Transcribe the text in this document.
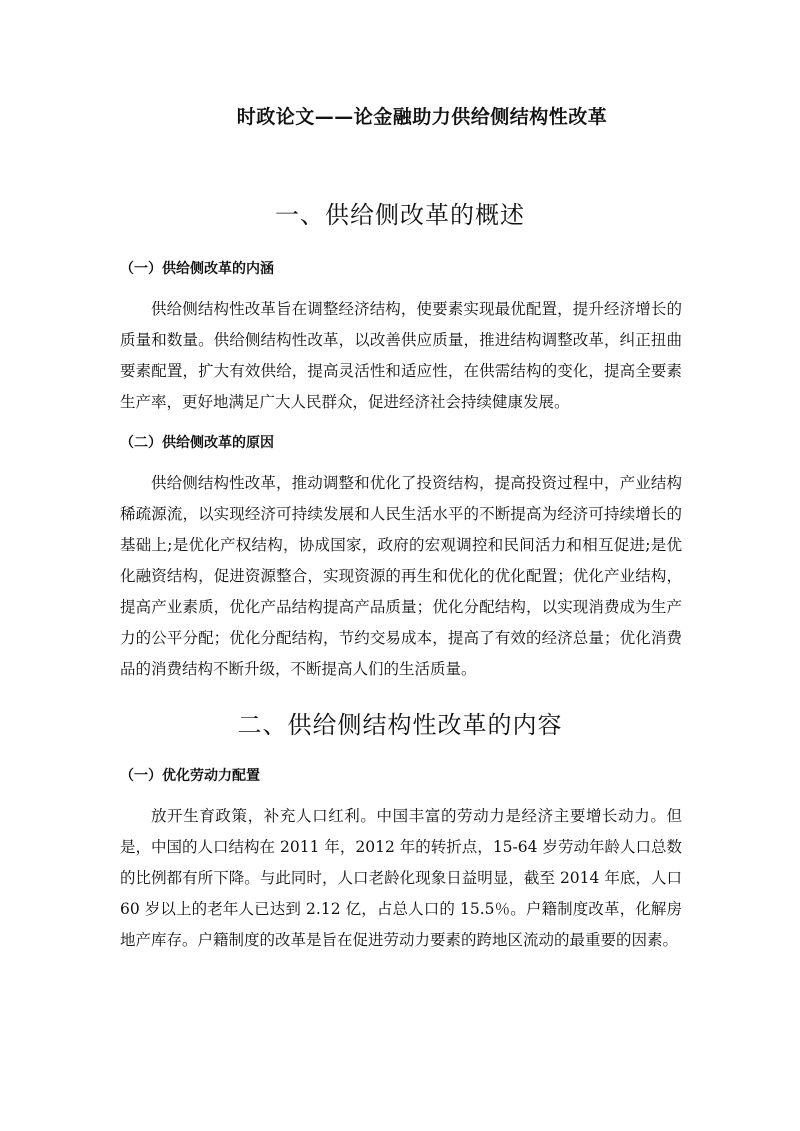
时政论文——论金融助力供给侧结构性改革
一、供给侧改革的概述
（一）供给侧改革的内涵

供给侧结构性改革旨在调整经济结构，使要素实现最优配置，提升经济增长的质量和数量。供给侧结构性改革，以改善供应质量，推进结构调整改革，纠正扭曲要素配置，扩大有效供给，提高灵活性和适应性，在供需结构的变化，提高全要素生产率，更好地满足广大人民群众，促进经济社会持续健康发展。

（二）供给侧改革的原因

供给侧结构性改革，推动调整和优化了投资结构，提高投资过程中，产业结构稀疏源流，以实现经济可持续发展和人民生活水平的不断提高为经济可持续增长的基础上;是优化产权结构，协成国家，政府的宏观调控和民间活力和相互促进;是优化融资结构，促进资源整合，实现资源的再生和优化的优化配置；优化产业结构，提高产业素质，优化产品结构提高产品质量；优化分配结构，以实现消费成为生产力的公平分配；优化分配结构，节约交易成本，提高了有效的经济总量；优化消费品的消费结构不断升级，不断提高人们的生活质量。

二、供给侧结构性改革的内容
（一）优化劳动力配置

放开生育政策，补充人口红利。中国丰富的劳动力是经济主要增长动力。但是，中国的人口结构在 2011 年，2012 年的转折点，15-64 岁劳动年龄人口总数的比例都有所下降。与此同时，人口老龄化现象日益明显，截至 2014 年底，人口 60 岁以上的老年人已达到 2.12 亿，占总人口的 15.5％。户籍制度改革，化解房地产库存。户籍制度的改革是旨在促进劳动力要素的跨地区流动的最重要的因素。
